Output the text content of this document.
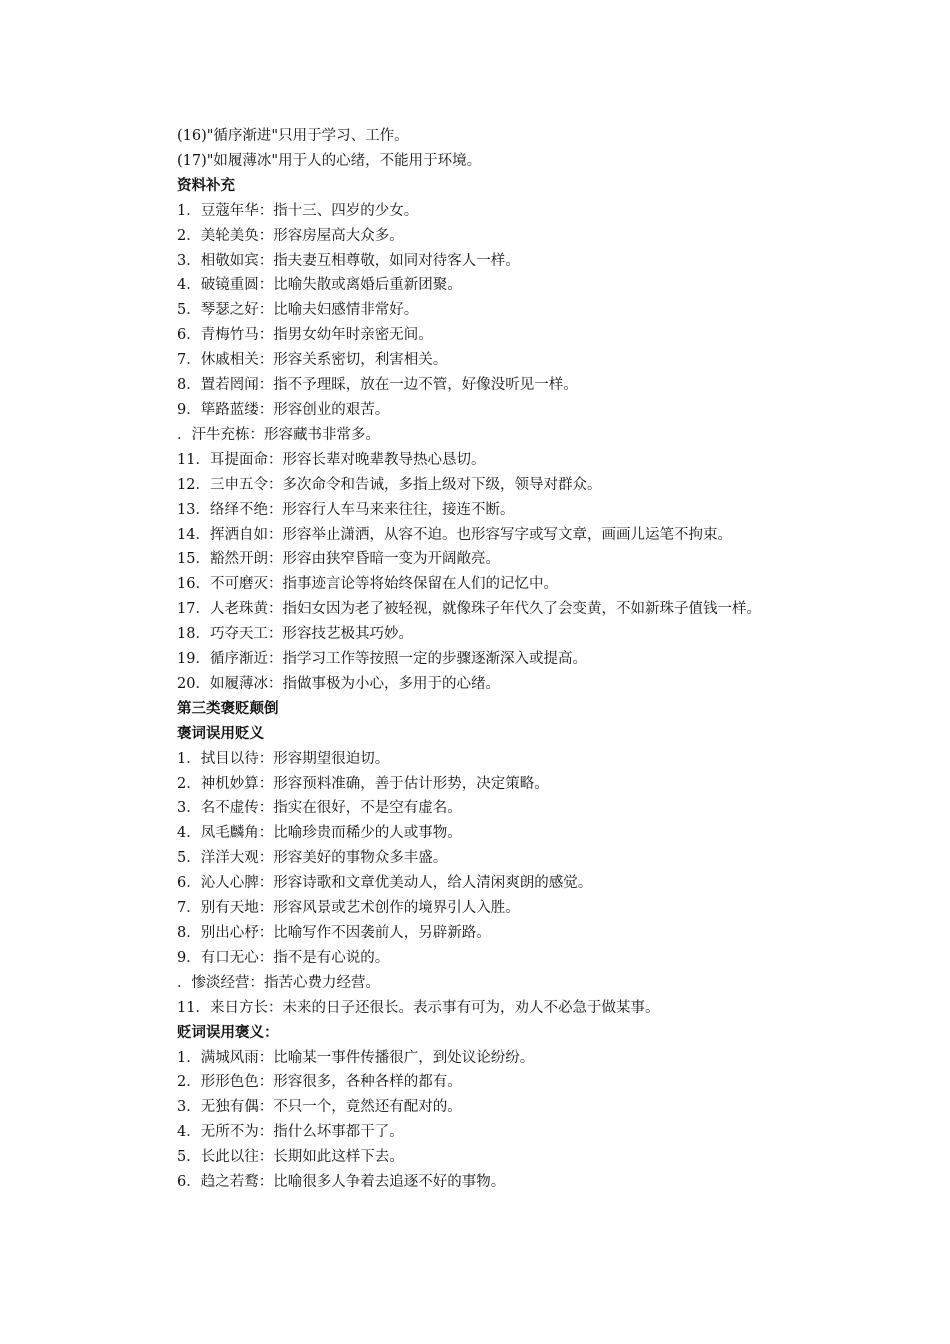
(16)"循序渐进"只用于学习、工作。
(17)"如履薄冰"用于人的心绪，不能用于环境。
资料补充
1．豆蔻年华：指十三、四岁的少女。
2．美轮美奂：形容房屋高大众多。
3．相敬如宾：指夫妻互相尊敬，如同对待客人一样。
4．破镜重圆：比喻失散或离婚后重新团聚。
5．琴瑟之好：比喻夫妇感情非常好。
6．青梅竹马：指男女幼年时亲密无间。
7．休戚相关：形容关系密切，利害相关。
8．置若罔闻：指不予理睬，放在一边不管，好像没听见一样。
9．筚路蓝缕：形容创业的艰苦。
．汗牛充栋：形容藏书非常多。
11．耳提面命：形容长辈对晚辈教导热心恳切。
12．三申五令：多次命令和告诫，多指上级对下级，领导对群众。
13．络绎不绝：形容行人车马来来往往，接连不断。
14．挥洒自如：形容举止潇洒，从容不迫。也形容写字或写文章，画画儿运笔不拘束。
15．豁然开朗：形容由狭窄昏暗一变为开阔敞亮。
16．不可磨灭：指事迹言论等将始终保留在人们的记忆中。
17．人老珠黄：指妇女因为老了被轻视，就像珠子年代久了会变黄，不如新珠子值钱一样。
18．巧夺天工：形容技艺极其巧妙。
19．循序渐近：指学习工作等按照一定的步骤逐渐深入或提高。
20．如履薄冰：指做事极为小心，多用于的心绪。
第三类褒贬颠倒
褒词误用贬义
1．拭目以待：形容期望很迫切。
2．神机妙算：形容预料准确，善于估计形势，决定策略。
3．名不虚传：指实在很好，不是空有虚名。
4．凤毛麟角：比喻珍贵而稀少的人或事物。
5．洋洋大观：形容美好的事物众多丰盛。
6．沁人心脾：形容诗歌和文章优美动人，给人清闲爽朗的感觉。
7．别有天地：形容风景或艺术创作的境界引人入胜。
8．别出心杼：比喻写作不因袭前人，另辟新路。
9．有口无心：指不是有心说的。
．惨淡经营：指苦心费力经营。
11．来日方长：未来的日子还很长。表示事有可为，劝人不必急于做某事。
贬词误用褒义：
1．满城风雨：比喻某一事件传播很广，到处议论纷纷。
2．形形色色：形容很多，各种各样的都有。
3．无独有偶：不只一个，竟然还有配对的。
4．无所不为：指什么坏事都干了。
5．长此以往：长期如此这样下去。
6．趋之若鹜：比喻很多人争着去追逐不好的事物。
